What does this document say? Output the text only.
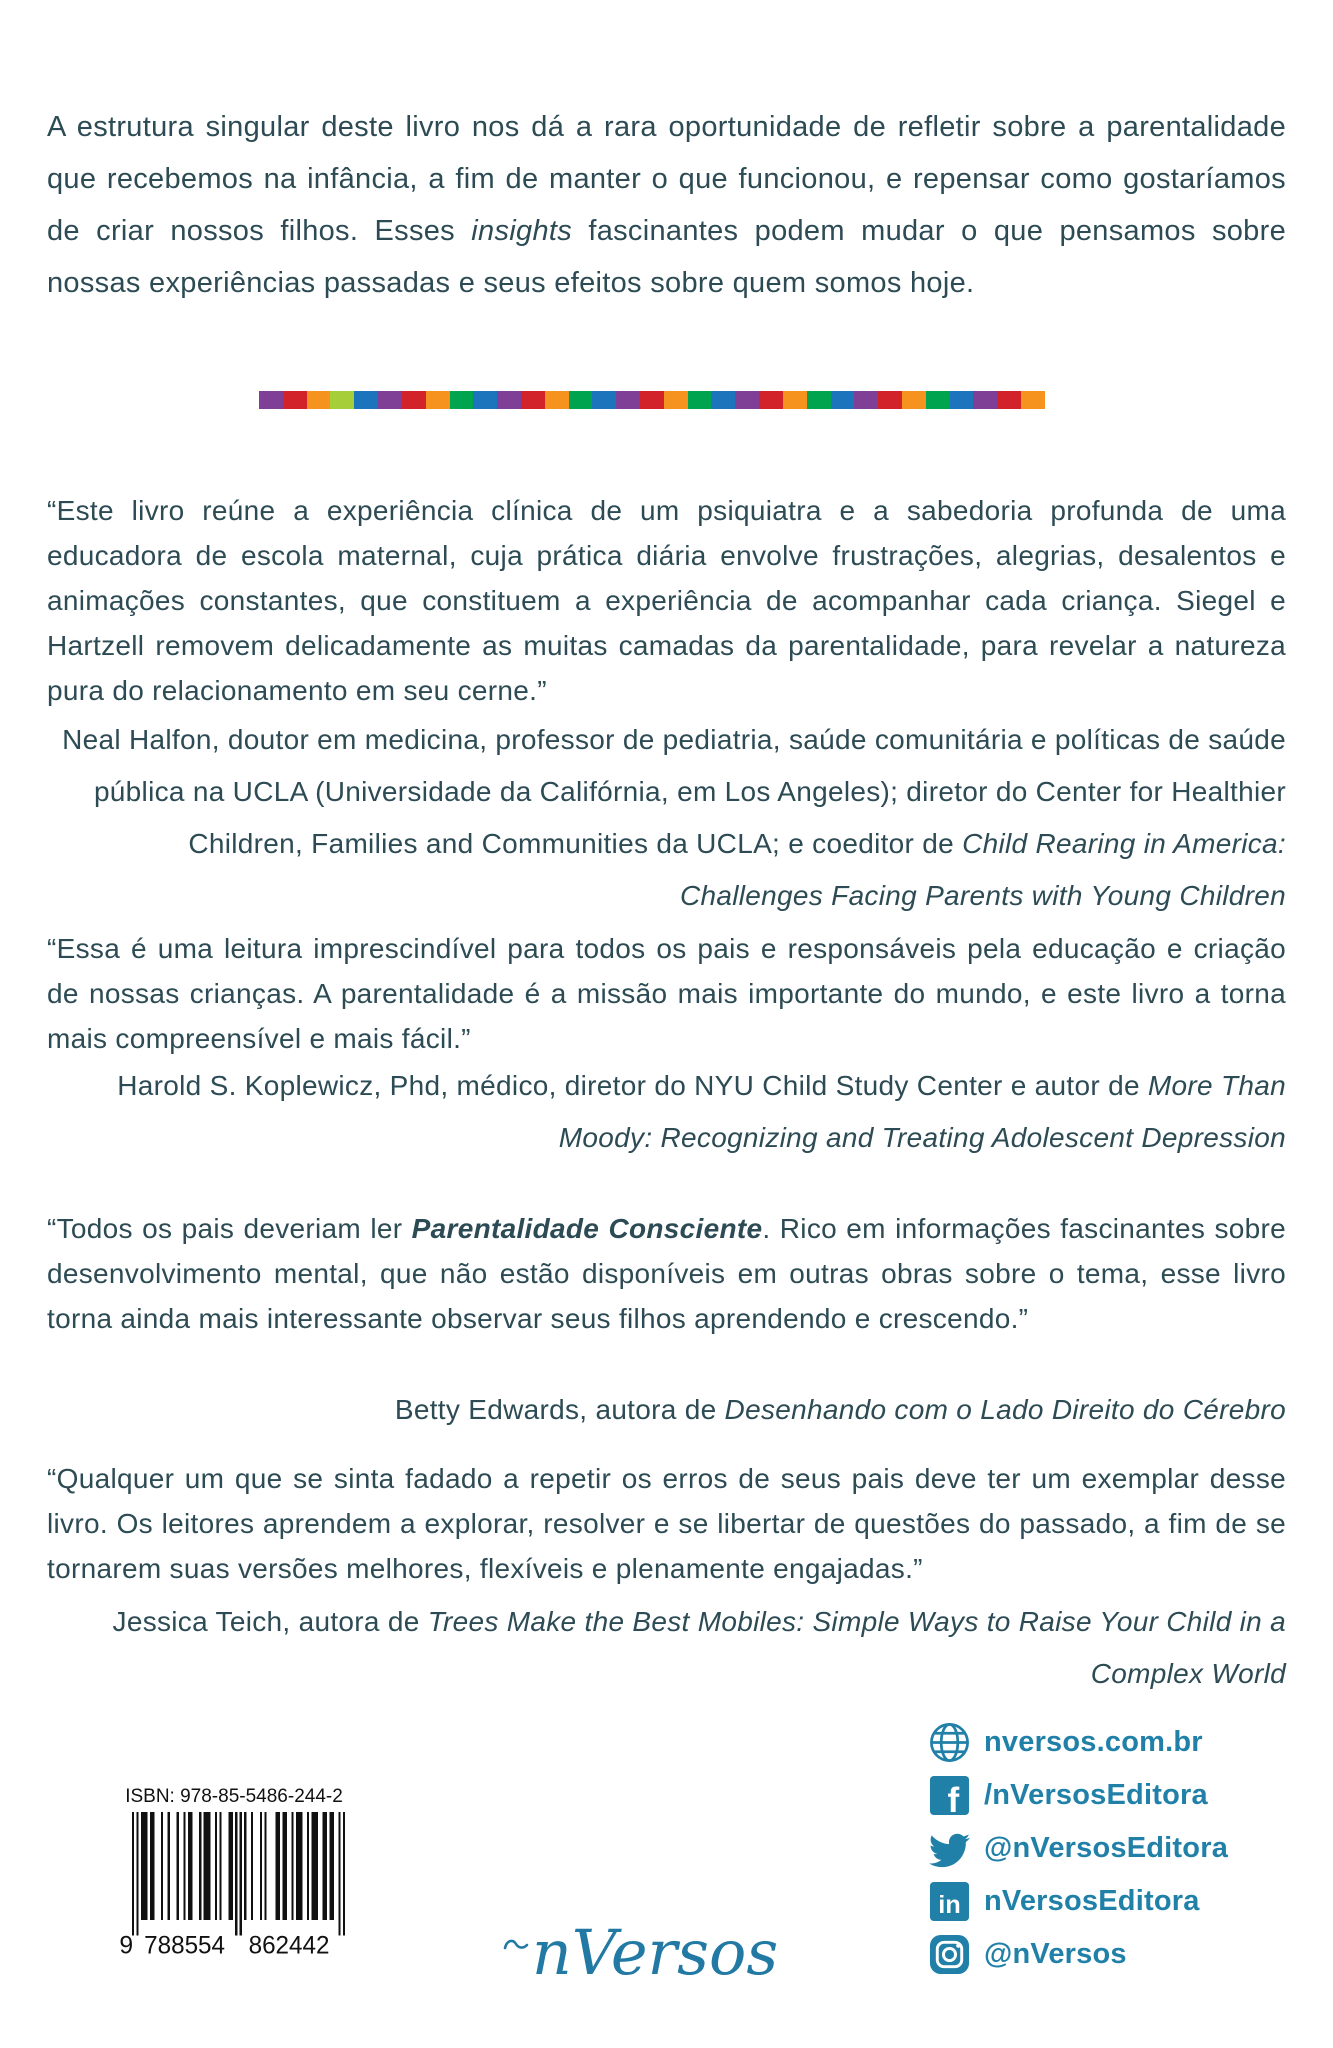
A estrutura singular deste livro nos dá a rara oportunidade de refletir sobre a parentalidade que recebemos na infância, a fim de manter o que funcionou, e repensar como gostaríamos de criar nossos filhos. Esses insights fascinantes podem mudar o que pensamos sobre nossas experiências passadas e seus efeitos sobre quem somos hoje.

“Este livro reúne a experiência clínica de um psiquiatra e a sabedoria profunda de uma educadora de escola maternal, cuja prática diária envolve frustrações, alegrias, desalentos e animações constantes, que constituem a experiência de acompanhar cada criança. Siegel e Hartzell removem delicadamente as muitas camadas da parentalidade, para revelar a natureza pura do relacionamento em seu cerne.”

Neal Halfon, doutor em medicina, professor de pediatria, saúde comunitária e políticas de saúde pública na UCLA (Universidade da Califórnia, em Los Angeles); diretor do Center for Healthier Children, Families and Communities da UCLA; e coeditor de Child Rearing in America: Challenges Facing Parents with Young Children

“Essa é uma leitura imprescindível para todos os pais e responsáveis pela educação e criação de nossas crianças. A parentalidade é a missão mais importante do mundo, e este livro a torna mais compreensível e mais fácil.”

Harold S. Koplewicz, Phd, médico, diretor do NYU Child Study Center e autor de More Than Moody: Recognizing and Treating Adolescent Depression

“Todos os pais deveriam ler Parentalidade Consciente. Rico em informações fascinantes sobre desenvolvimento mental, que não estão disponíveis em outras obras sobre o tema, esse livro torna ainda mais interessante observar seus filhos aprendendo e crescendo.”

Betty Edwards, autora de Desenhando com o Lado Direito do Cérebro

“Qualquer um que se sinta fadado a repetir os erros de seus pais deve ter um exemplar desse livro. Os leitores aprendem a explorar, resolver e se libertar de questões do passado, a fim de se tornarem suas versões melhores, flexíveis e plenamente engajadas.”

Jessica Teich, autora de Trees Make the Best Mobiles: Simple Ways to Raise Your Child in a Complex World

ISBN: 978-85-5486-244-2
9 788554 862442	nVersos
nversos.com.br
f /nVersosEditora
@nVersosEditora
in nVersosEditora
@nVersos
